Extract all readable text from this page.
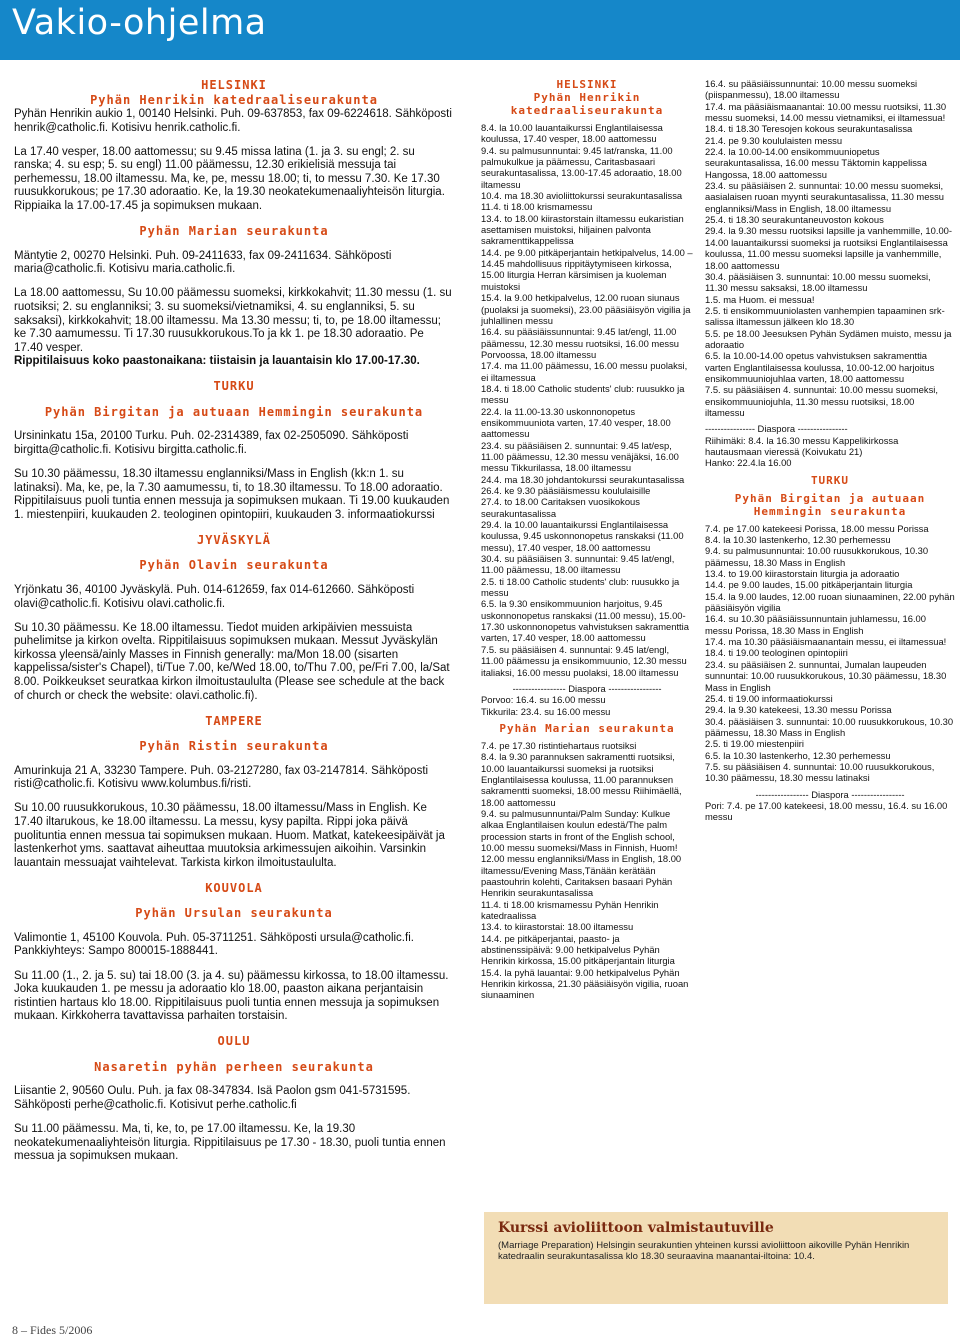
Vakio-ohjelma

HELSINKI

Pyhän Henrikin katedraaliseurakunta

Pyhän Henrikin aukio 1, 00140 Helsinki. Puh. 09-637853, fax 09-6224618. Sähköposti henrik@catholic.fi. Kotisivu henrik.catholic.fi.

La 17.40 vesper, 18.00 aattomessu; su 9.45 missa latina (1. ja 3. su engl; 2. su ranska; 4. su esp; 5. su engl) 11.00 päämessu, 12.30 erikielisiä messuja tai perhemessu, 18.00 iltamessu. Ma, ke, pe, messu 18.00; ti, to messu 7.30. Ke 17.30 ruusukkorukous; pe 17.30 adoraatio. Ke, la 19.30 neokatekumenaaliyhteisön liturgia. Rippiaika la 17.00-17.45 ja sopimuksen mukaan.

Pyhän Marian seurakunta

Mäntytie 2, 00270 Helsinki. Puh. 09-2411633, fax 09-2411634. Sähköposti maria@catholic.fi. Kotisivu maria.catholic.fi.

La 18.00 aattomessu, Su 10.00 päämessu suomeksi, kirkkokahvit; 11.30 messu (1. su ruotsiksi; 2. su englanniksi; 3. su suomeksi/vietnamiksi, 4. su englanniksi, 5. su saksaksi), kirkkokahvit; 18.00 iltamessu. Ma 13.30 messu; ti, to, pe 18.00 iltamessu; ke 7.30 aamumessu. Ti 17.30 ruusukkorukous.To ja kk 1. pe 18.30 adoraatio. Pe 17.40 vesper.

Rippitilaisuus koko paastonaikana: tiistaisin ja lauantaisin klo 17.00-17.30.

TURKU

Pyhän Birgitan ja autuaan Hemmingin seurakunta

Ursininkatu 15a, 20100 Turku. Puh. 02-2314389, fax 02-2505090. Sähköposti birgitta@catholic.fi. Kotisivu birgitta.catholic.fi.

Su 10.30 päämessu, 18.30 iltamessu englanniksi/Mass in English (kk:n 1. su latinaksi). Ma, ke, pe, la 7.30 aamumessu, ti, to 18.30 iltamessu. To 18.00 adoraatio. Rippitilaisuus puoli tuntia ennen messuja ja sopimuksen mukaan. Ti 19.00 kuukauden 1. miestenpiiri, kuukauden 2. teologinen opintopiiri, kuukauden 3. informaatiokurssi

JYVÄSKYLÄ

Pyhän Olavin seurakunta

Yrjönkatu 36, 40100 Jyväskylä. Puh. 014-612659, fax 014-612660. Sähköposti olavi@catholic.fi. Kotisivu olavi.catholic.fi.

Su 10.30 päämessu. Ke 18.00 iltamessu. Tiedot muiden arkipäivien messuista puhelimitse ja kirkon ovelta. Rippitilaisuus sopimuksen mukaan. Messut Jyväskylän kirkossa yleensä/ainly Masses in Finnish generally: ma/Mon 18.00 (sisarten kappelissa/sister's Chapel), ti/Tue 7.00, ke/Wed 18.00, to/Thu 7.00, pe/Fri 7.00, la/Sat 8.00. Poikkeukset seuratkaa kirkon ilmoitustaululta (Please see schedule at the back of church or check the website: olavi.catholic.fi).

TAMPERE

Pyhän Ristin seurakunta

Amurinkuja 21 A, 33230 Tampere. Puh. 03-2127280, fax 03-2147814. Sähköposti risti@catholic.fi. Kotisivu www.kolumbus.fi/risti.

Su 10.00 ruusukkorukous, 10.30 päämessu, 18.00 iltamessu/Mass in English. Ke 17.40 iltarukous, ke 18.00 iltamessu. La messu, kysy papilta. Rippi joka päivä puolituntia ennen messua tai sopimuksen mukaan. Huom. Matkat, katekeesipäivät ja lastenkerhot yms. saattavat aiheuttaa muutoksia arkimessujen aikoihin. Varsinkin lauantain messuajat vaihtelevat. Tarkista kirkon ilmoitustaululta.

KOUVOLA

Pyhän Ursulan seurakunta

Valimontie 1, 45100 Kouvola. Puh. 05-3711251. Sähköposti ursula@catholic.fi. Pankkiyhteys: Sampo 800015-1888441.

Su 11.00 (1., 2. ja 5. su) tai 18.00 (3. ja 4. su) päämessu kirkossa, to 18.00 iltamessu. Joka kuukauden 1. pe messu ja adoraatio klo 18.00, paaston aikana perjantaisin ristintien hartaus klo 18.00. Rippitilaisuus puoli tuntia ennen messuja ja sopimuksen mukaan. Kirkkoherra tavattavissa parhaiten torstaisin.

OULU

Nasaretin pyhän perheen seurakunta

Liisantie 2, 90560 Oulu. Puh. ja fax 08-347834. Isä Paolon gsm 041-5731595. Sähköposti perhe@catholic.fi. Kotisivut perhe.catholic.fi

Su 11.00 päämessu. Ma, ti, ke, to, pe 17.00 iltamessu. Ke, la 19.30 neokatekumenaaliyhteisön liturgia. Rippitilaisuus pe 17.30 - 18.30, puoli tuntia ennen messua ja sopimuksen mukaan.

HELSINKI

Pyhän Henrikin katedraaliseurakunta

8.4. la 10.00 lauantaikurssi Englantilaisessa koulussa, 17.40 vesper, 18.00 aattomessu

9.4. su palmusunnuntai: 9.45 lat/ranska, 11.00 palmukulkue ja päämessu, Caritasbasaari seurakuntasalissa, 13.00-17.45 adoraatio, 18.00 iltamessu

10.4. ma 18.30 avioliittokurssi seurakuntasalissa

11.4. ti 18.00 krismamessu

13.4. to 18.00 kiirastorstain iltamessu eukaristian asettamisen muistoksi, hiljainen palvonta sakramenttikappelissa

14.4. pe 9.00 pitkäperjantain hetkipalvelus, 14.00 – 14.45 mahdollisuus rippitäytymiseen kirkossa, 15.00 liturgia Herran kärsimisen ja kuoleman muistoksi

15.4. la 9.00 hetkipalvelus, 12.00 ruoan siunaus (puolaksi ja suomeksi), 23.00 pääsiäisyön vigilia ja juhlallinen messu

16.4. su pääsiäissunnuntai: 9.45 lat/engl, 11.00 päämessu, 12.30 messu ruotsiksi, 16.00 messu Porvoossa, 18.00 iltamessu

17.4. ma 11.00 päämessu, 16.00 messu puolaksi, ei iltamessua

18.4. ti 18.00 Catholic students' club: ruusukko ja messu

22.4. la 11.00-13.30 uskonnonopetus ensikommuuniota varten, 17.40 vesper, 18.00 aattomessu

23.4. su pääsiäisen 2. sunnuntai: 9.45 lat/esp, 11.00 päämessu, 12.30 messu venäjäksi, 16.00 messu Tikkurilassa, 18.00 iltamessu

24.4. ma 18.30 johdantokurssi seurakuntasalissa

26.4. ke 9.30 pääsiäismessu koululaisille

27.4. to 18.00 Caritaksen vuosikokous seurakuntasalissa

29.4. la 10.00 lauantaikurssi Englantilaisessa koulussa, 9.45 uskonnonopetus ranskaksi (11.00 messu), 17.40 vesper, 18.00 aattomessu

30.4. su pääsiäisen 3. sunnuntai: 9.45 lat/engl, 11.00 päämessu, 18.00 iltamessu

2.5. ti 18.00 Catholic students' club: ruusukko ja messu

6.5. la 9.30 ensikommuunion harjoitus, 9.45 uskonnonopetus ranskaksi (11.00 messu), 15.00-17.30 uskonnonopetus vahvistuksen sakramenttia varten, 17.40 vesper, 18.00 aattomessu

7.5. su pääsiäisen 4. sunnuntai: 9.45 lat/engl, 11.00 päämessu ja ensikommuunio, 12.30 messu italiaksi, 16.00 messu puolaksi, 18.00 iltamessu

----------------- Diaspora -----------------

Porvoo: 16.4. su 16.00 messu

Tikkurila: 23.4. su 16.00 messu

Pyhän Marian seurakunta

7.4. pe 17.30 ristintiehartaus ruotsiksi

8.4. la 9.30 parannuksen sakramentti ruotsiksi, 10.00 lauantaikurssi suomeksi ja ruotsiksi Englantilaisessa koulussa, 11.00 parannuksen sakramentti suomeksi, 18.00 messu Riihimäellä, 18.00 aattomessu

9.4. su palmusunnuntai/Palm Sunday: Kulkue alkaa Englantilaisen koulun edestä/The palm procession starts in front of the English school, 10.00 messu suomeksi/Mass in Finnish, Huom! 12.00 messu englanniksi/Mass in English, 18.00 iltamessu/Evening Mass,Tänään kerätään paastouhrin kolehti, Caritaksen basaari Pyhän Henrikin seurakuntasalissa

11.4. ti 18.00 krismamessu Pyhän Henrikin katedraalissa

13.4. to kiirastorstai: 18.00 iltamessu

14.4. pe pitkäperjantai, paasto- ja abstinenssipäivä: 9.00 hetkipalvelus Pyhän Henrikin kirkossa, 15.00 pitkäperjantain liturgia

15.4. la pyhä lauantai: 9.00 hetkipalvelus Pyhän Henrikin kirkossa, 21.30 pääsiäisyön vigilia, ruoan siunaaminen

16.4. su pääsiäissunnuntai: 10.00 messu suomeksi (piispanmessu), 18.00 iltamessu

17.4. ma pääsiäismaanantai: 10.00 messu ruotsiksi, 11.30 messu suomeksi, 14.00 messu vietnamiksi, ei iltamessua!

18.4. ti 18.30 Teresojen kokous seurakuntasalissa

21.4. pe 9.30 koululaisten messu

22.4. la 10.00-14.00 ensikommuuniopetus seurakuntasalissa, 16.00 messu Täktomin kappelissa Hangossa, 18.00 aattomessu

23.4. su pääsiäisen 2. sunnuntai: 10.00 messu suomeksi, aasialaisen ruoan myynti seurakuntasalissa, 11.30 messu englanniksi/Mass in English, 18.00 iltamessu

25.4. ti 18.30 seurakuntaneuvoston kokous

29.4. la 9.30 messu ruotsiksi lapsille ja vanhemmille, 10.00-14.00 lauantaikurssi suomeksi ja ruotsiksi Englantilaisessa koulussa, 11.00 messu suomeksi lapsille ja vanhemmille, 18.00 aattomessu

30.4. pääsiäisen 3. sunnuntai: 10.00 messu suomeksi, 11.30 messu saksaksi, 18.00 iltamessu

1.5. ma Huom. ei messua!

2.5. ti ensikommuuniolasten vanhempien tapaaminen srk-salissa iltamessun jälkeen klo 18.30

5.5. pe 18.00 Jeesuksen Pyhän Sydämen muisto, messu ja adoraatio

6.5. la 10.00-14.00 opetus vahvistuksen sakramenttia varten Englantilaisessa koulussa, 10.00-12.00 harjoitus ensikommuuniojuhlaa varten, 18.00 aattomessu

7.5. su pääsiäisen 4. sunnuntai: 10.00 messu suomeksi, ensikommuuniojuhla, 11.30 messu ruotsiksi, 18.00 iltamessu

---------------- Diaspora ----------------

Riihimäki: 8.4. la 16.30 messu Kappelikirkossa hautausmaan vieressä (Koivukatu 21)

Hanko: 22.4.la 16.00

TURKU

Pyhän Birgitan ja autuaan Hemmingin seurakunta

7.4. pe 17.00 katekeesi Porissa, 18.00 messu Porissa

8.4. la 10.30 lastenkerho, 12.30 perhemessu

9.4. su palmusunnuntai: 10.00 ruusukkorukous, 10.30 päämessu, 18.30 Mass in English

13.4. to 19.00 kiirastorstain liturgia ja adoraatio

14.4. pe 9.00 laudes, 15.00 pitkäperjantain liturgia

15.4. la 9.00 laudes, 12.00 ruoan siunaaminen, 22.00 pyhän pääsiäisyön vigilia

16.4. su 10.30 pääsiäissunnuntain juhlamessu, 16.00 messu Porissa, 18.30 Mass in English

17.4. ma 10.30 pääsiäismaanantain messu, ei iltamessua!

18.4. ti 19.00 teologinen opintopiiri

23.4. su pääsiäisen 2. sunnuntai, Jumalan laupeuden sunnuntai: 10.00 ruusukkorukous, 10.30 päämessu, 18.30 Mass in English

25.4. ti 19.00 informaatiokurssi

29.4. la 9.30 katekeesi, 13.30 messu Porissa

30.4. pääsiäisen 3. sunnuntai: 10.00 ruusukkorukous, 10.30 päämessu, 18.30 Mass in English

2.5. ti 19.00 miestenpiiri

6.5. la 10.30 lastenkerho, 12.30 perhemessu

7.5. su pääsiäisen 4. sunnuntai: 10.00 ruusukkorukous, 10.30 päämessu, 18.30 messu latinaksi

----------------- Diaspora -----------------

Pori: 7.4. pe 17.00 katekeesi, 18.00 messu, 16.4. su 16.00 messu

Kurssi avioliittoon valmistautuville
(Marriage Preparation) Helsingin seurakuntien yhteinen kurssi avioliittoon aikoville Pyhän Henrikin katedraalin seurakuntasalissa klo 18.30 seuraavina maanantai-iltoina: 10.4.
8 – Fides 5/2006
